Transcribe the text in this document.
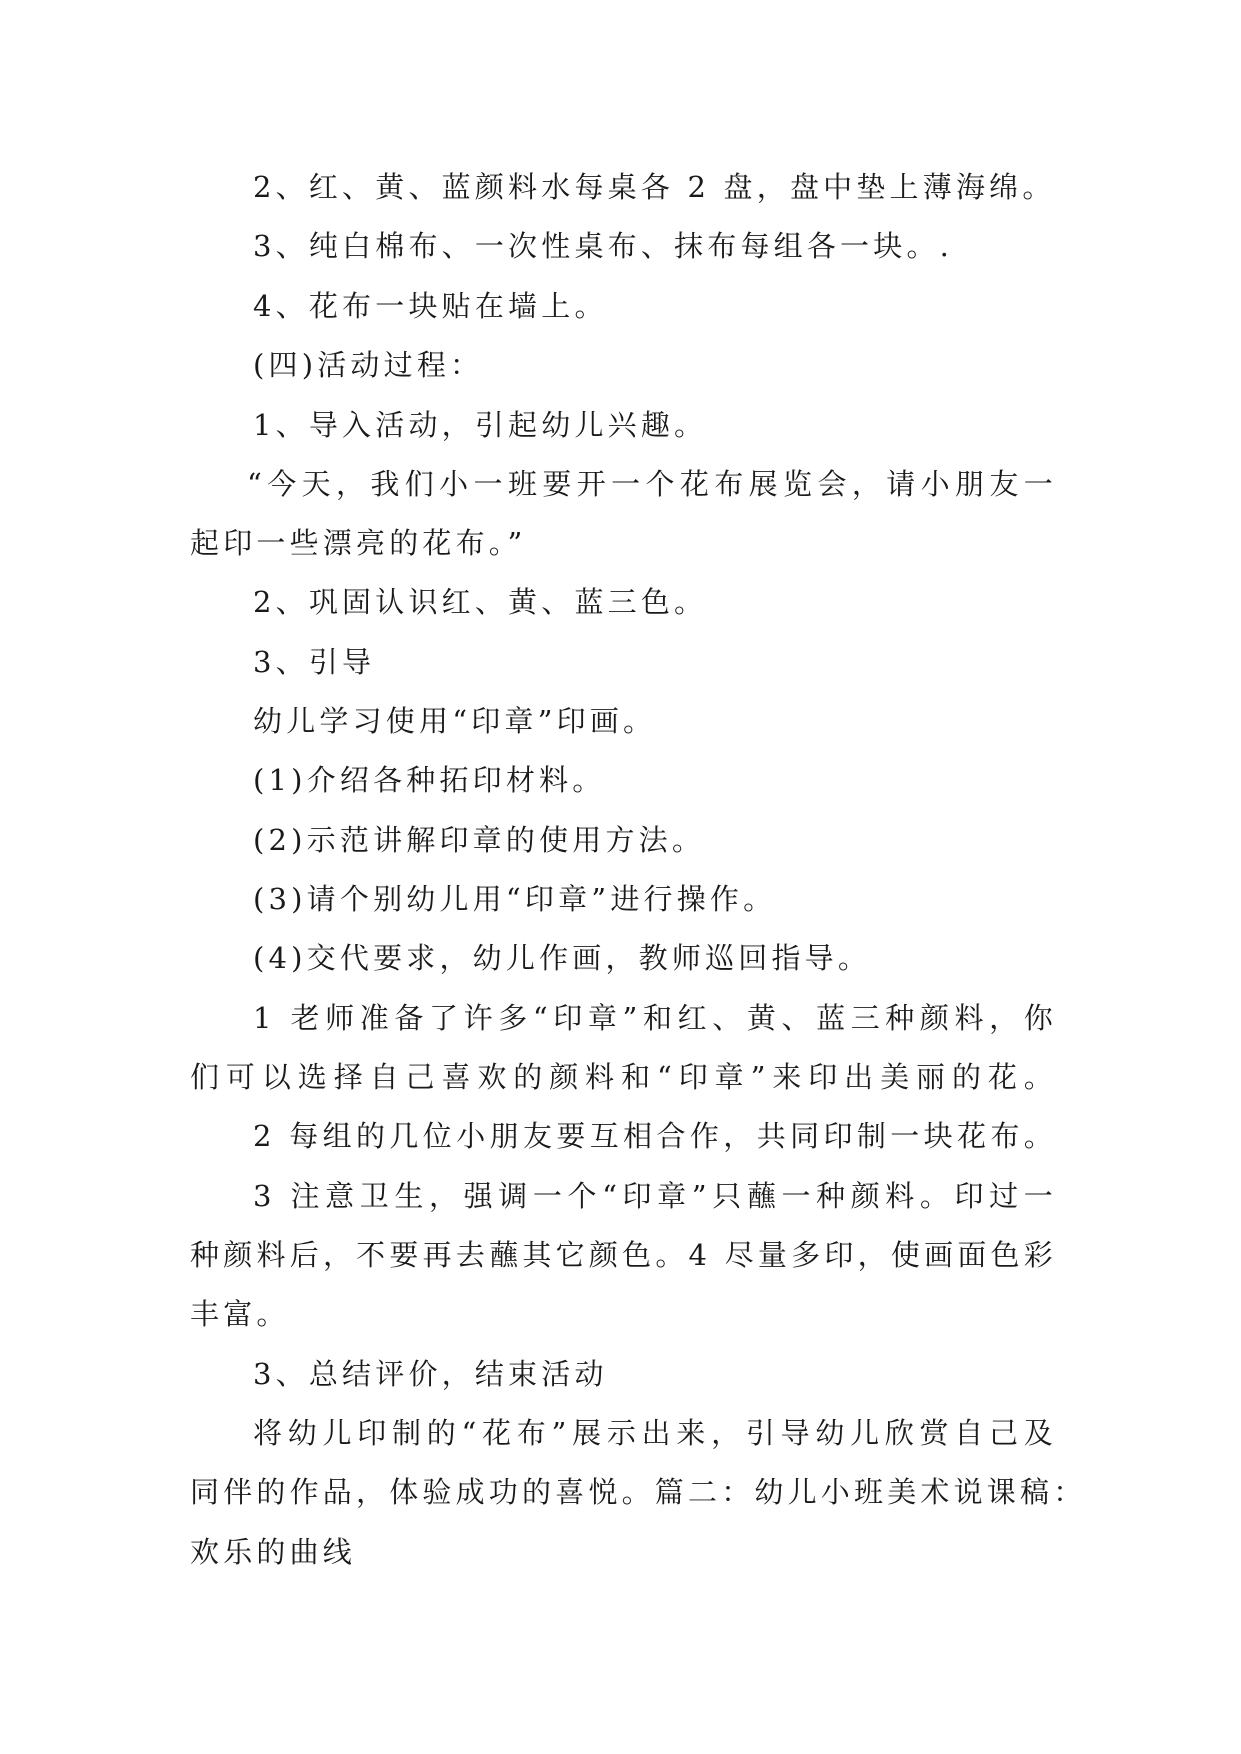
2、红、黄、蓝颜料水每桌各 2 盘，盘中垫上薄海绵。
3、纯白棉布、一次性桌布、抹布每组各一块。.
4、花布一块贴在墙上。
(四)活动过程：
1、导入活动，引起幼儿兴趣。
“今天，我们小一班要开一个花布展览会，请小朋友一
起印一些漂亮的花布。”
2、巩固认识红、黄、蓝三色。
3、引导
幼儿学习使用“印章”印画。
(1)介绍各种拓印材料。
(2)示范讲解印章的使用方法。
(3)请个别幼儿用“印章”进行操作。
(4)交代要求，幼儿作画，教师巡回指导。
1 老师准备了许多“印章”和红、黄、蓝三种颜料，你
们可以选择自己喜欢的颜料和“印章”来印出美丽的花。
2 每组的几位小朋友要互相合作，共同印制一块花布。
3 注意卫生，强调一个“印章”只蘸一种颜料。印过一
种颜料后，不要再去蘸其它颜色。4 尽量多印，使画面色彩
丰富。
3、总结评价，结束活动
将幼儿印制的“花布”展示出来，引导幼儿欣赏自己及
同伴的作品，体验成功的喜悦。篇二：幼儿小班美术说课稿：
欢乐的曲线
